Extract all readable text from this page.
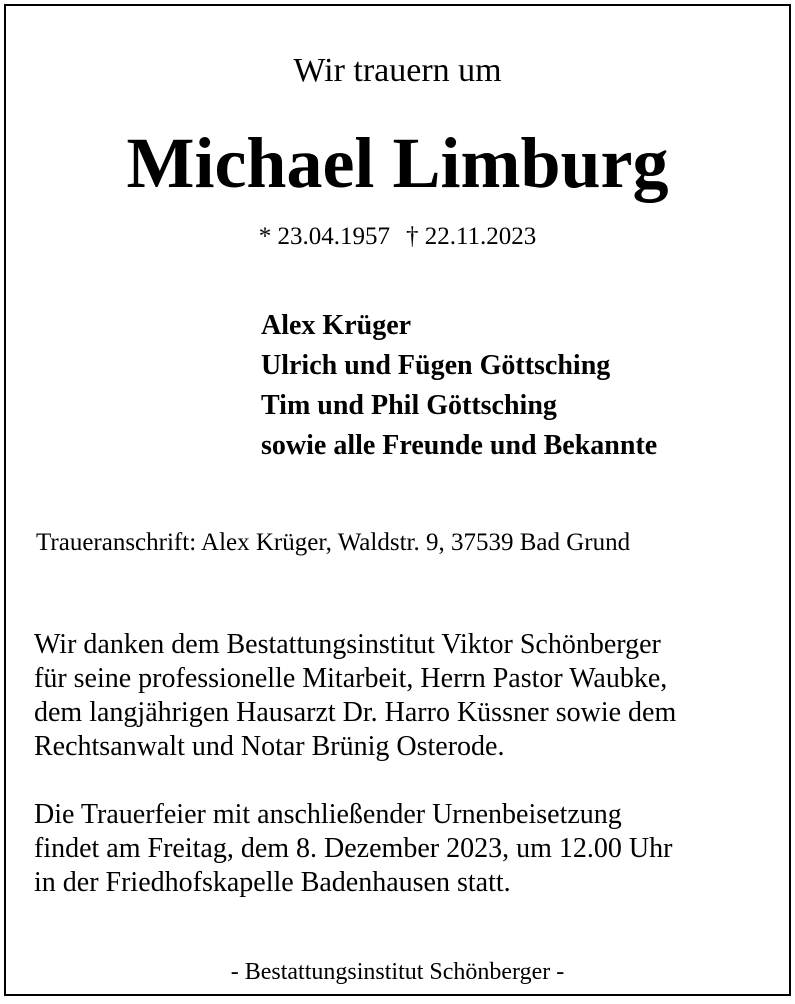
Wir trauern um
Michael Limburg
* 23.04.1957 † 22.11.2023
Alex Krüger
Ulrich und Fügen Göttsching
Tim und Phil Göttsching
sowie alle Freunde und Bekannte
Traueranschrift: Alex Krüger, Waldstr. 9, 37539 Bad Grund
Wir danken dem Bestattungsinstitut Viktor Schönberger
für seine professionelle Mitarbeit, Herrn Pastor Waubke,
dem langjährigen Hausarzt Dr. Harro Küssner sowie dem
Rechtsanwalt und Notar Brünig Osterode.
Die Trauerfeier mit anschließender Urnenbeisetzung
findet am Freitag, dem 8. Dezember 2023, um 12.00 Uhr
in der Friedhofskapelle Badenhausen statt.
- Bestattungsinstitut Schönberger -
